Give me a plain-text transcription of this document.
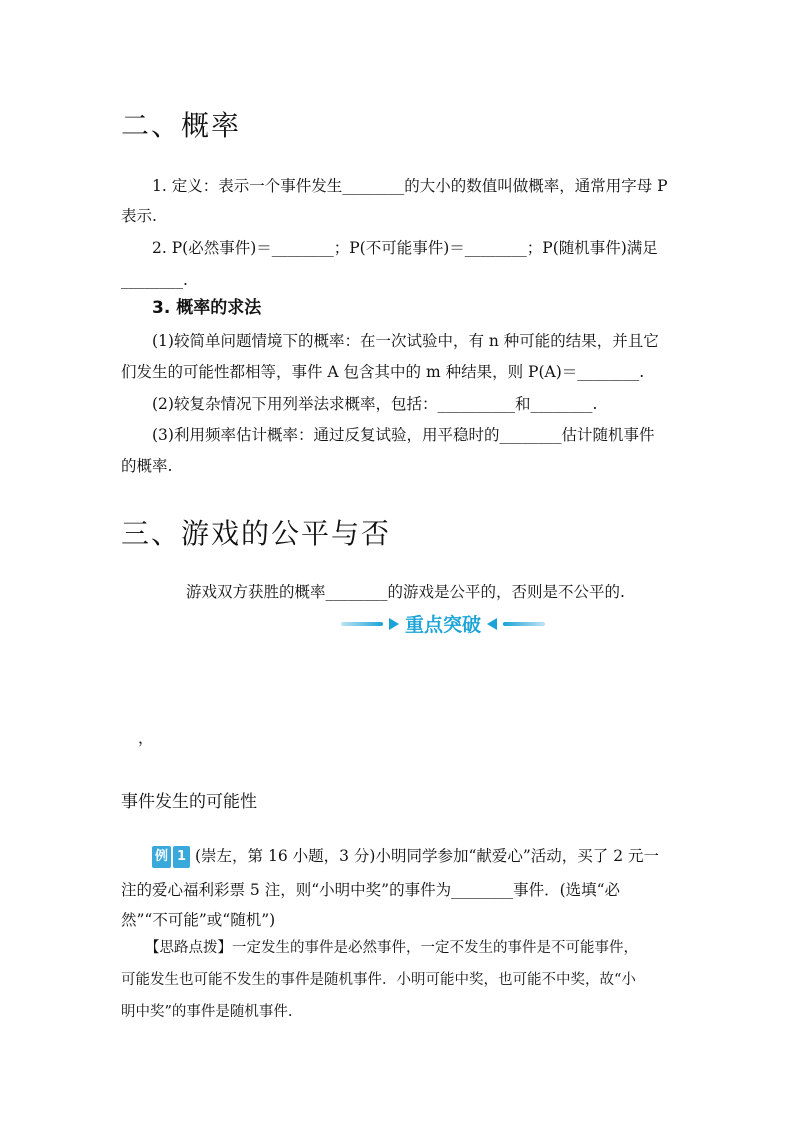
二、概率
1. 定义：表示一个事件发生________的大小的数值叫做概率，通常用字母 P
表示.
2. P(必然事件)＝________；P(不可能事件)＝________；P(随机事件)满足
________.
3. 概率的求法
(1)较简单问题情境下的概率：在一次试验中，有 n 种可能的结果，并且它
们发生的可能性都相等，事件 A 包含其中的 m 种结果，则 P(A)＝________.
(2)较复杂情况下用列举法求概率，包括：__________和________.
(3)利用频率估计概率：通过反复试验，用平稳时的________估计随机事件
的概率.
三、游戏的公平与否
游戏双方获胜的概率________的游戏是公平的，否则是不公平的.
重点突破
，
事件发生的可能性
例 1 (崇左，第 16 小题，3 分)小明同学参加“献爱心”活动，买了 2 元一
注的爱心福利彩票 5 注，则“小明中奖”的事件为________事件．(选填“必
然”“不可能”或“随机”)
【思路点拨】一定发生的事件是必然事件，一定不发生的事件是不可能事件，
可能发生也可能不发生的事件是随机事件．小明可能中奖，也可能不中奖，故“小
明中奖”的事件是随机事件.
